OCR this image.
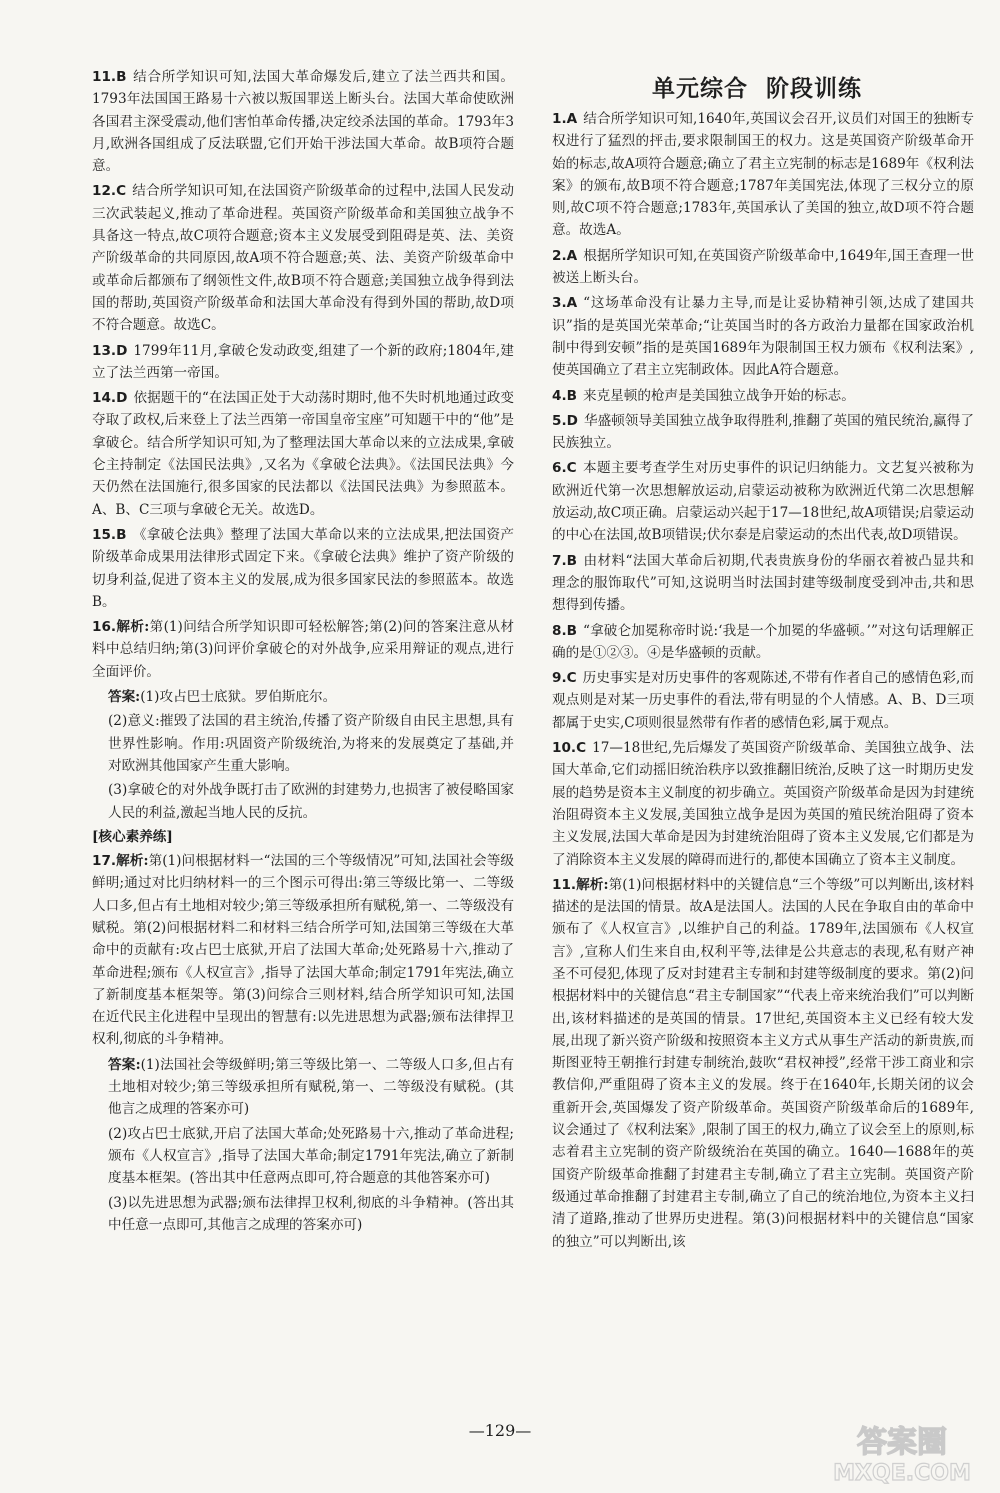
单元综合 阶段训练

11.B 结合所学知识可知,法国大革命爆发后,建立了法兰西共和国。1793年法国国王路易十六被以叛国罪送上断头台。法国大革命使欧洲各国君主深受震动,他们害怕革命传播,决定绞杀法国的革命。1793年3月,欧洲各国组成了反法联盟,它们开始干涉法国大革命。故B项符合题意。

12.C 结合所学知识可知,在法国资产阶级革命的过程中,法国人民发动三次武装起义,推动了革命进程。英国资产阶级革命和美国独立战争不具备这一特点,故C项符合题意;资本主义发展受到阻碍是英、法、美资产阶级革命的共同原因,故A项不符合题意;英、法、美资产阶级革命中或革命后都颁布了纲领性文件,故B项不符合题意;美国独立战争得到法国的帮助,英国资产阶级革命和法国大革命没有得到外国的帮助,故D项不符合题意。故选C。

13.D 1799年11月,拿破仑发动政变,组建了一个新的政府;1804年,建立了法兰西第一帝国。

14.D 依据题干的“在法国正处于大动荡时期时,他不失时机地通过政变夺取了政权,后来登上了法兰西第一帝国皇帝宝座”可知题干中的“他”是拿破仑。结合所学知识可知,为了整理法国大革命以来的立法成果,拿破仑主持制定《法国民法典》,又名为《拿破仑法典》。《法国民法典》今天仍然在法国施行,很多国家的民法都以《法国民法典》为参照蓝本。A、B、C三项与拿破仑无关。故选D。

15.B 《拿破仑法典》整理了法国大革命以来的立法成果,把法国资产阶级革命成果用法律形式固定下来。《拿破仑法典》维护了资产阶级的切身利益,促进了资本主义的发展,成为很多国家民法的参照蓝本。故选B。

16.解析:第(1)问结合所学知识即可轻松解答;第(2)问的答案注意从材料中总结归纳;第(3)问评价拿破仑的对外战争,应采用辩证的观点,进行全面评价。

答案:(1)攻占巴士底狱。罗伯斯庇尔。

(2)意义:摧毁了法国的君主统治,传播了资产阶级自由民主思想,具有世界性影响。作用:巩固资产阶级统治,为将来的发展奠定了基础,并对欧洲其他国家产生重大影响。

(3)拿破仑的对外战争既打击了欧洲的封建势力,也损害了被侵略国家人民的利益,激起当地人民的反抗。

[核心素养练]

17.解析:第(1)问根据材料一“法国的三个等级情况”可知,法国社会等级鲜明;通过对比归纳材料一的三个图示可得出:第三等级比第一、二等级人口多,但占有土地相对较少;第三等级承担所有赋税,第一、二等级没有赋税。第(2)问根据材料二和材料三结合所学可知,法国第三等级在大革命中的贡献有:攻占巴士底狱,开启了法国大革命;处死路易十六,推动了革命进程;颁布《人权宣言》,指导了法国大革命;制定1791年宪法,确立了新制度基本框架等。第(3)问综合三则材料,结合所学知识可知,法国在近代民主化进程中呈现出的智慧有:以先进思想为武器;颁布法律捍卫权利,彻底的斗争精神。

答案:(1)法国社会等级鲜明;第三等级比第一、二等级人口多,但占有土地相对较少;第三等级承担所有赋税,第一、二等级没有赋税。(其他言之成理的答案亦可)

(2)攻占巴士底狱,开启了法国大革命;处死路易十六,推动了革命进程;颁布《人权宣言》,指导了法国大革命;制定1791年宪法,确立了新制度基本框架。(答出其中任意两点即可,符合题意的其他答案亦可)

(3)以先进思想为武器;颁布法律捍卫权利,彻底的斗争精神。(答出其中任意一点即可,其他言之成理的答案亦可)

1.A 结合所学知识可知,1640年,英国议会召开,议员们对国王的独断专权进行了猛烈的抨击,要求限制国王的权力。这是英国资产阶级革命开始的标志,故A项符合题意;确立了君主立宪制的标志是1689年《权利法案》的颁布,故B项不符合题意;1787年美国宪法,体现了三权分立的原则,故C项不符合题意;1783年,英国承认了美国的独立,故D项不符合题意。故选A。

2.A 根据所学知识可知,在英国资产阶级革命中,1649年,国王查理一世被送上断头台。

3.A “这场革命没有让暴力主导,而是让妥协精神引领,达成了建国共识”指的是英国光荣革命;“让英国当时的各方政治力量都在国家政治机制中得到安顿”指的是英国1689年为限制国王权力颁布《权利法案》,使英国确立了君主立宪制政体。因此A符合题意。

4.B 来克星顿的枪声是美国独立战争开始的标志。

5.D 华盛顿领导美国独立战争取得胜利,推翻了英国的殖民统治,赢得了民族独立。

6.C 本题主要考查学生对历史事件的识记归纳能力。文艺复兴被称为欧洲近代第一次思想解放运动,启蒙运动被称为欧洲近代第二次思想解放运动,故C项正确。启蒙运动兴起于17—18世纪,故A项错误;启蒙运动的中心在法国,故B项错误;伏尔泰是启蒙运动的杰出代表,故D项错误。

7.B 由材料“法国大革命后初期,代表贵族身份的华丽衣着被凸显共和理念的服饰取代”可知,这说明当时法国封建等级制度受到冲击,共和思想得到传播。

8.B “拿破仑加冕称帝时说:‘我是一个加冕的华盛顿。’”对这句话理解正确的是①②③。④是华盛顿的贡献。

9.C 历史事实是对历史事件的客观陈述,不带有作者自己的感情色彩,而观点则是对某一历史事件的看法,带有明显的个人情感。A、B、D三项都属于史实,C项则很显然带有作者的感情色彩,属于观点。

10.C 17—18世纪,先后爆发了英国资产阶级革命、美国独立战争、法国大革命,它们动摇旧统治秩序以致推翻旧统治,反映了这一时期历史发展的趋势是资本主义制度的初步确立。英国资产阶级革命是因为封建统治阻碍资本主义发展,美国独立战争是因为英国的殖民统治阻碍了资本主义发展,法国大革命是因为封建统治阻碍了资本主义发展,它们都是为了消除资本主义发展的障碍而进行的,都使本国确立了资本主义制度。

11.解析:第(1)问根据材料中的关键信息“三个等级”可以判断出,该材料描述的是法国的情景。故A是法国人。法国的人民在争取自由的革命中颁布了《人权宣言》,以维护自己的利益。1789年,法国颁布《人权宣言》,宣称人们生来自由,权利平等,法律是公共意志的表现,私有财产神圣不可侵犯,体现了反对封建君主专制和封建等级制度的要求。第(2)问根据材料中的关键信息“君主专制国家”“代表上帝来统治我们”可以判断出,该材料描述的是英国的情景。17世纪,英国资本主义已经有较大发展,出现了新兴资产阶级和按照资本主义方式从事生产活动的新贵族,而斯图亚特王朝推行封建专制统治,鼓吹“君权神授”,经常干涉工商业和宗教信仰,严重阻碍了资本主义的发展。终于在1640年,长期关闭的议会重新开会,英国爆发了资产阶级革命。英国资产阶级革命后的1689年,议会通过了《权利法案》,限制了国王的权力,确立了议会至上的原则,标志着君主立宪制的资产阶级统治在英国的确立。1640—1688年的英国资产阶级革命推翻了封建君主专制,确立了君主立宪制。英国资产阶级通过革命推翻了封建君主专制,确立了自己的统治地位,为资本主义扫清了道路,推动了世界历史进程。第(3)问根据材料中的关键信息“国家的独立”可以判断出,该

—129—	答案圈
MXQE.COM
